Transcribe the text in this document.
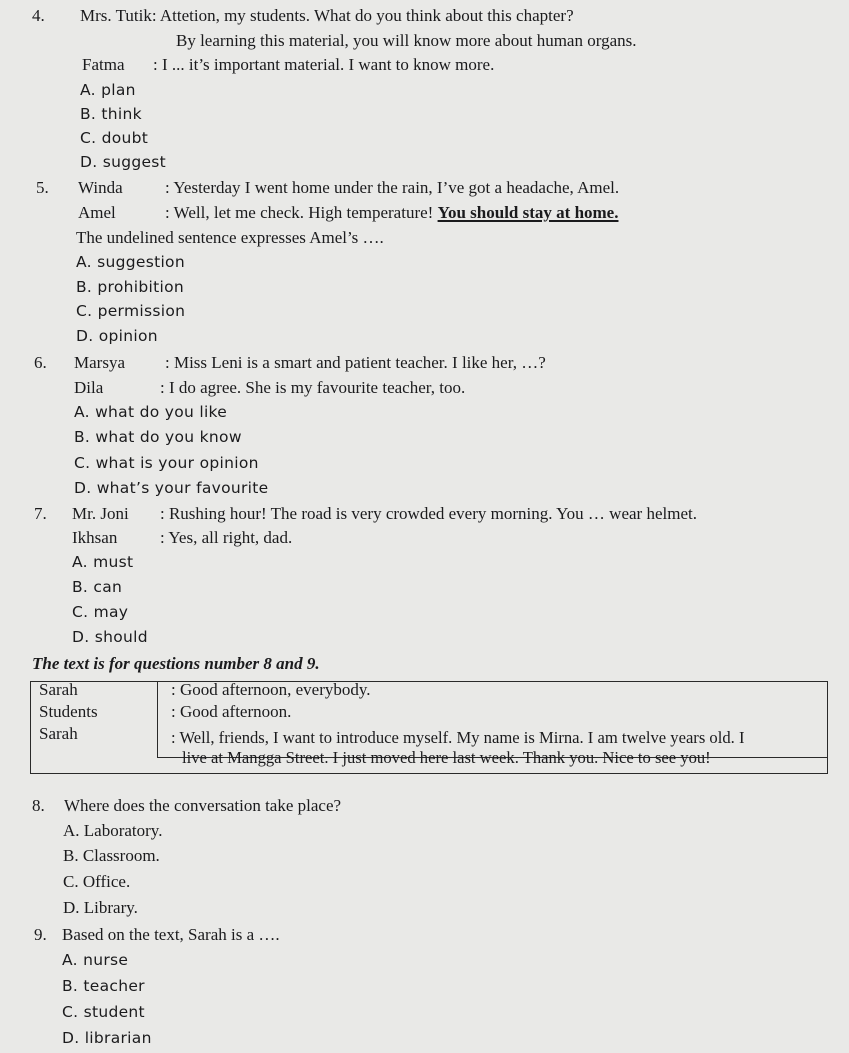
4. Mrs. Tutik: Attetion, my students. What do you think about this chapter?
By learning this material, you will know more about human organs.
Fatma : I ... it’s important material. I want to know more.
A. plan
B. think
C. doubt
D. suggest
5. Winda : Yesterday I went home under the rain, I’ve got a headache, Amel.
Amel	: Well, let me check. High temperature! You should stay at home.
The undelined sentence expresses Amel’s ….
A. suggestion
B. prohibition
C. permission
D. opinion
6. Marsya : Miss Leni is a smart and patient teacher. I like her, …?
Dila	: I do agree. She is my favourite teacher, too.
A. what do you like
B. what do you know
C. what is your opinion
D. what’s your favourite
7. Mr. Joni : Rushing hour! The road is very crowded every morning. You … wear helmet.
Ikhsan	: Yes, all right, dad.
A. must
B. can
C. may
D. should
The text is for questions number 8 and 9.
Sarah	: Good afternoon, everybody.
Students	: Good afternoon.
Sarah	: Well, friends, I want to introduce myself. My name is Mirna. I am twelve years old. I
live at Mangga Street. I just moved here last week. Thank you. Nice to see you!
8. Where does the conversation take place?
A. Laboratory.
B. Classroom.
C. Office.
D. Library.
9. Based on the text, Sarah is a ….
A. nurse
B. teacher
C. student
D. librarian
